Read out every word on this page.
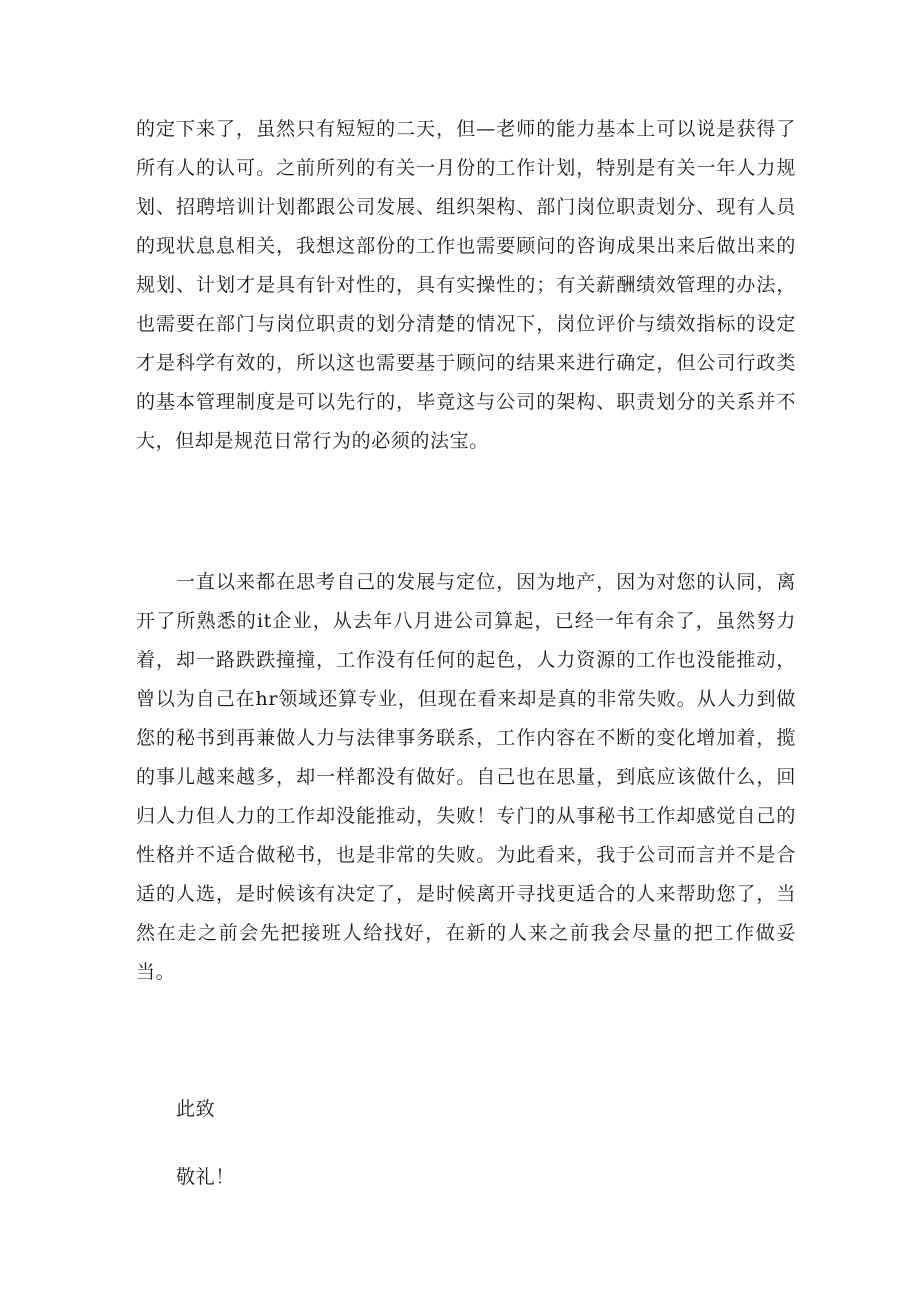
的定下来了，虽然只有短短的二天，但—老师的能力基本上可以说是获得了所有人的认可。之前所列的有关一月份的工作计划，特别是有关一年人力规划、招聘培训计划都跟公司发展、组织架构、部门岗位职责划分、现有人员的现状息息相关，我想这部份的工作也需要顾问的咨询成果出来后做出来的规划、计划才是具有针对性的，具有实操性的；有关薪酬绩效管理的办法，也需要在部门与岗位职责的划分清楚的情况下，岗位评价与绩效指标的设定才是科学有效的，所以这也需要基于顾问的结果来进行确定，但公司行政类的基本管理制度是可以先行的，毕竟这与公司的架构、职责划分的关系并不大，但却是规范日常行为的必须的法宝。

一直以来都在思考自己的发展与定位，因为地产，因为对您的认同，离开了所熟悉的it企业，从去年八月进公司算起，已经一年有余了，虽然努力着，却一路跌跌撞撞，工作没有任何的起色，人力资源的工作也没能推动，曾以为自己在hr领域还算专业，但现在看来却是真的非常失败。从人力到做您的秘书到再兼做人力与法律事务联系，工作内容在不断的变化增加着，揽的事儿越来越多，却一样都没有做好。自己也在思量，到底应该做什么，回归人力但人力的工作却没能推动，失败！专门的从事秘书工作却感觉自己的性格并不适合做秘书，也是非常的失败。为此看来，我于公司而言并不是合适的人选，是时候该有决定了，是时候离开寻找更适合的人来帮助您了，当然在走之前会先把接班人给找好，在新的人来之前我会尽量的把工作做妥当。

此致

敬礼！
